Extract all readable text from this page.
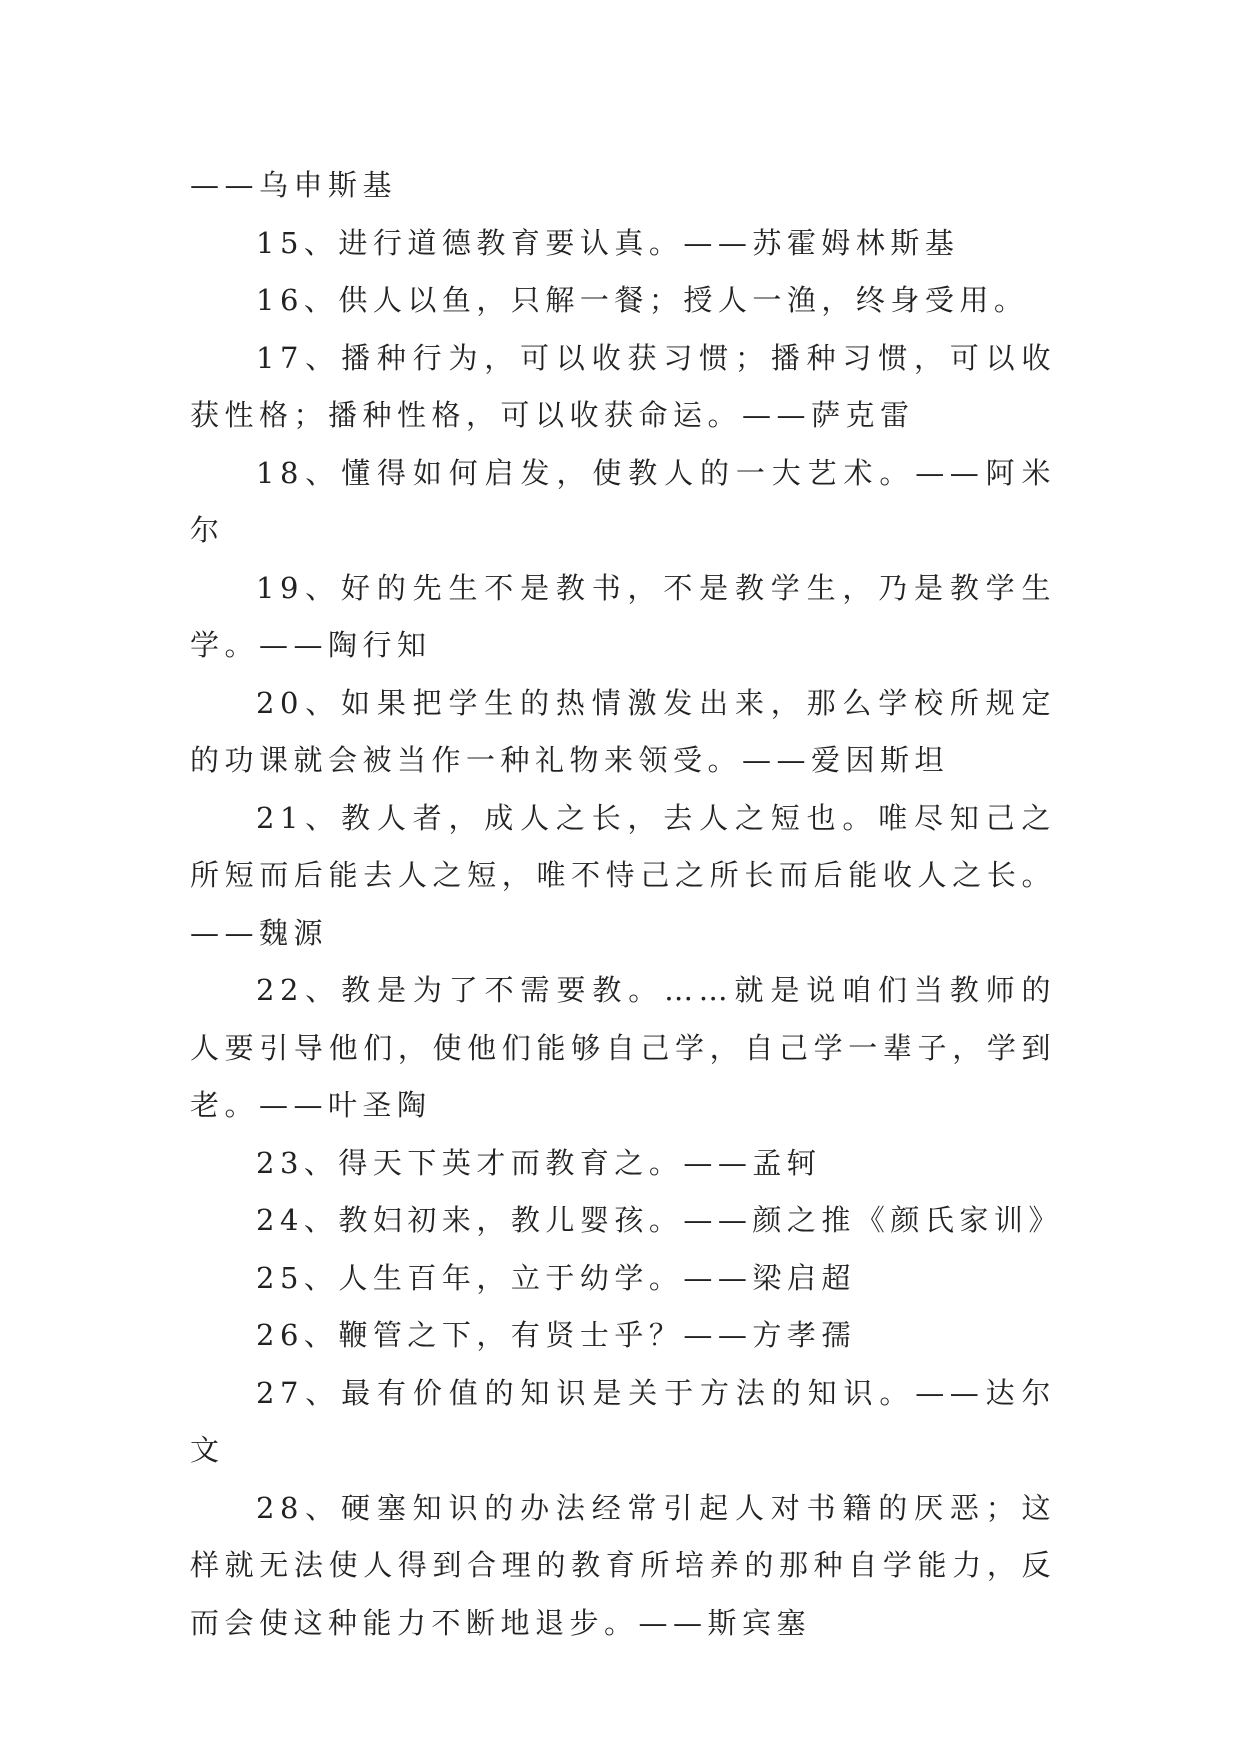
——乌申斯基

15、进行道德教育要认真。——苏霍姆林斯基

16、供人以鱼，只解一餐；授人一渔，终身受用。

17、播种行为，可以收获习惯；播种习惯，可以收获性格；播种性格，可以收获命运。——萨克雷

18、懂得如何启发，使教人的一大艺术。——阿米尔

19、好的先生不是教书，不是教学生，乃是教学生学。——陶行知

20、如果把学生的热情激发出来，那么学校所规定的功课就会被当作一种礼物来领受。——爱因斯坦

21、教人者，成人之长，去人之短也。唯尽知己之所短而后能去人之短，唯不恃己之所长而后能收人之长。——魏源

22、教是为了不需要教。……就是说咱们当教师的人要引导他们，使他们能够自己学，自己学一辈子，学到老。——叶圣陶

23、得天下英才而教育之。——孟轲

24、教妇初来，教儿婴孩。——颜之推《颜氏家训》

25、人生百年，立于幼学。——梁启超

26、鞭管之下，有贤士乎？——方孝孺

27、最有价值的知识是关于方法的知识。——达尔文

28、硬塞知识的办法经常引起人对书籍的厌恶；这样就无法使人得到合理的教育所培养的那种自学能力，反而会使这种能力不断地退步。——斯宾塞
